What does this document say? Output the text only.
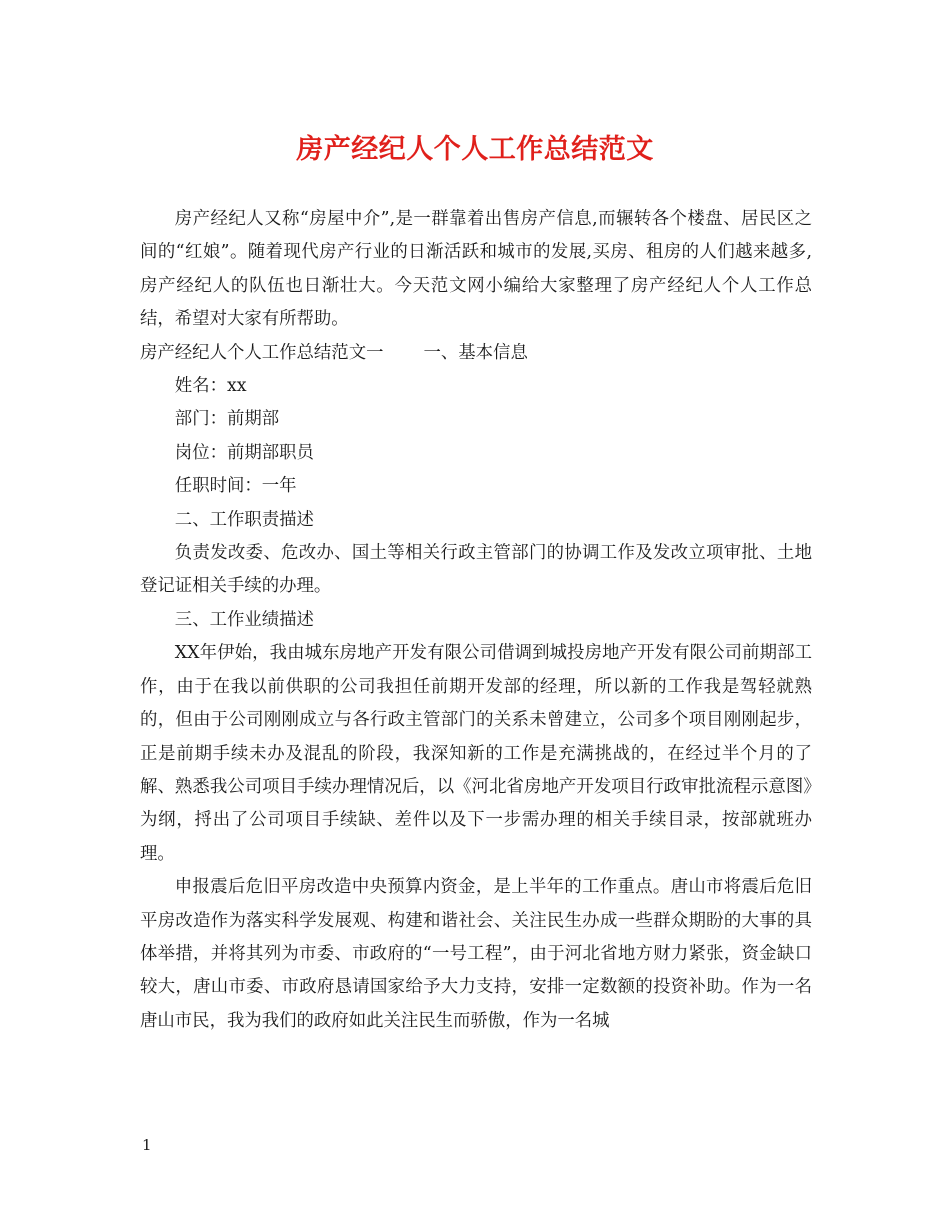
房产经纪人个人工作总结范文

房产经纪人又称“房屋中介”,是一群靠着出售房产信息,而辗转各个楼盘、居民区之间的“红娘”。随着现代房产行业的日渐活跃和城市的发展,买房、租房的人们越来越多,房产经纪人的队伍也日渐壮大。今天范文网小编给大家整理了房产经纪人个人工作总结，希望对大家有所帮助。

房产经纪人个人工作总结范文一 一、基本信息

姓名：xx

部门：前期部

岗位：前期部职员

任职时间：一年

二、工作职责描述

负责发改委、危改办、国土等相关行政主管部门的协调工作及发改立项审批、土地登记证相关手续的办理。

三、工作业绩描述

XX年伊始，我由城东房地产开发有限公司借调到城投房地产开发有限公司前期部工作，由于在我以前供职的公司我担任前期开发部的经理，所以新的工作我是驾轻就熟的，但由于公司刚刚成立与各行政主管部门的关系未曾建立，公司多个项目刚刚起步，正是前期手续未办及混乱的阶段，我深知新的工作是充满挑战的，在经过半个月的了解、熟悉我公司项目手续办理情况后，以《河北省房地产开发项目行政审批流程示意图》为纲，捋出了公司项目手续缺、差件以及下一步需办理的相关手续目录，按部就班办理。

申报震后危旧平房改造中央预算内资金，是上半年的工作重点。唐山市将震后危旧平房改造作为落实科学发展观、构建和谐社会、关注民生办成一些群众期盼的大事的具体举措，并将其列为市委、市政府的“一号工程”，由于河北省地方财力紧张，资金缺口较大，唐山市委、市政府恳请国家给予大力支持，安排一定数额的投资补助。作为一名唐山市民，我为我们的政府如此关注民生而骄傲，作为一名城

1
